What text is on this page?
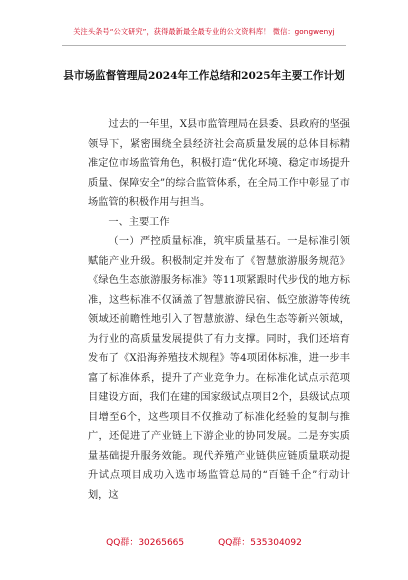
关注头条号“公文研究”，获得最新最全最专业的公文资料库！ 微信：gongwenyj
县市场监督管理局2024年工作总结和2025年主要工作计划

过去的一年里，X县市监管理局在县委、县政府的坚强领导下，紧密围绕全县经济社会高质量发展的总体目标精准定位市场监管角色，积极打造“优化环境、稳定市场提升质量、保障安全”的综合监管体系，在全局工作中彰显了市场监管的积极作用与担当。

一、主要工作

（一）严控质量标准，筑牢质量基石。一是标准引领赋能产业升级。积极制定并发布了《智慧旅游服务规范》《绿色生态旅游服务标准》等11项紧跟时代步伐的地方标准，这些标准不仅涵盖了智慧旅游民宿、低空旅游等传统领域还前瞻性地引入了智慧旅游、绿色生态等新兴领域，为行业的高质量发展提供了有力支撑。同时，我们还培育发布了《X沿海养殖技术规程》等4项团体标准，进一步丰富了标准体系，提升了产业竞争力。在标准化试点示范项目建设方面，我们在建的国家级试点项目2个，县级试点项目增至6个，这些项目不仅推动了标准化经验的复制与推广，还促进了产业链上下游企业的协同发展。二是夯实质量基础提升服务效能。现代养殖产业链供应链质量联动提升试点项目成功入选市场监管总局的“百链千企”行动计划，这

QQ群：30265665	QQ群：535304092
